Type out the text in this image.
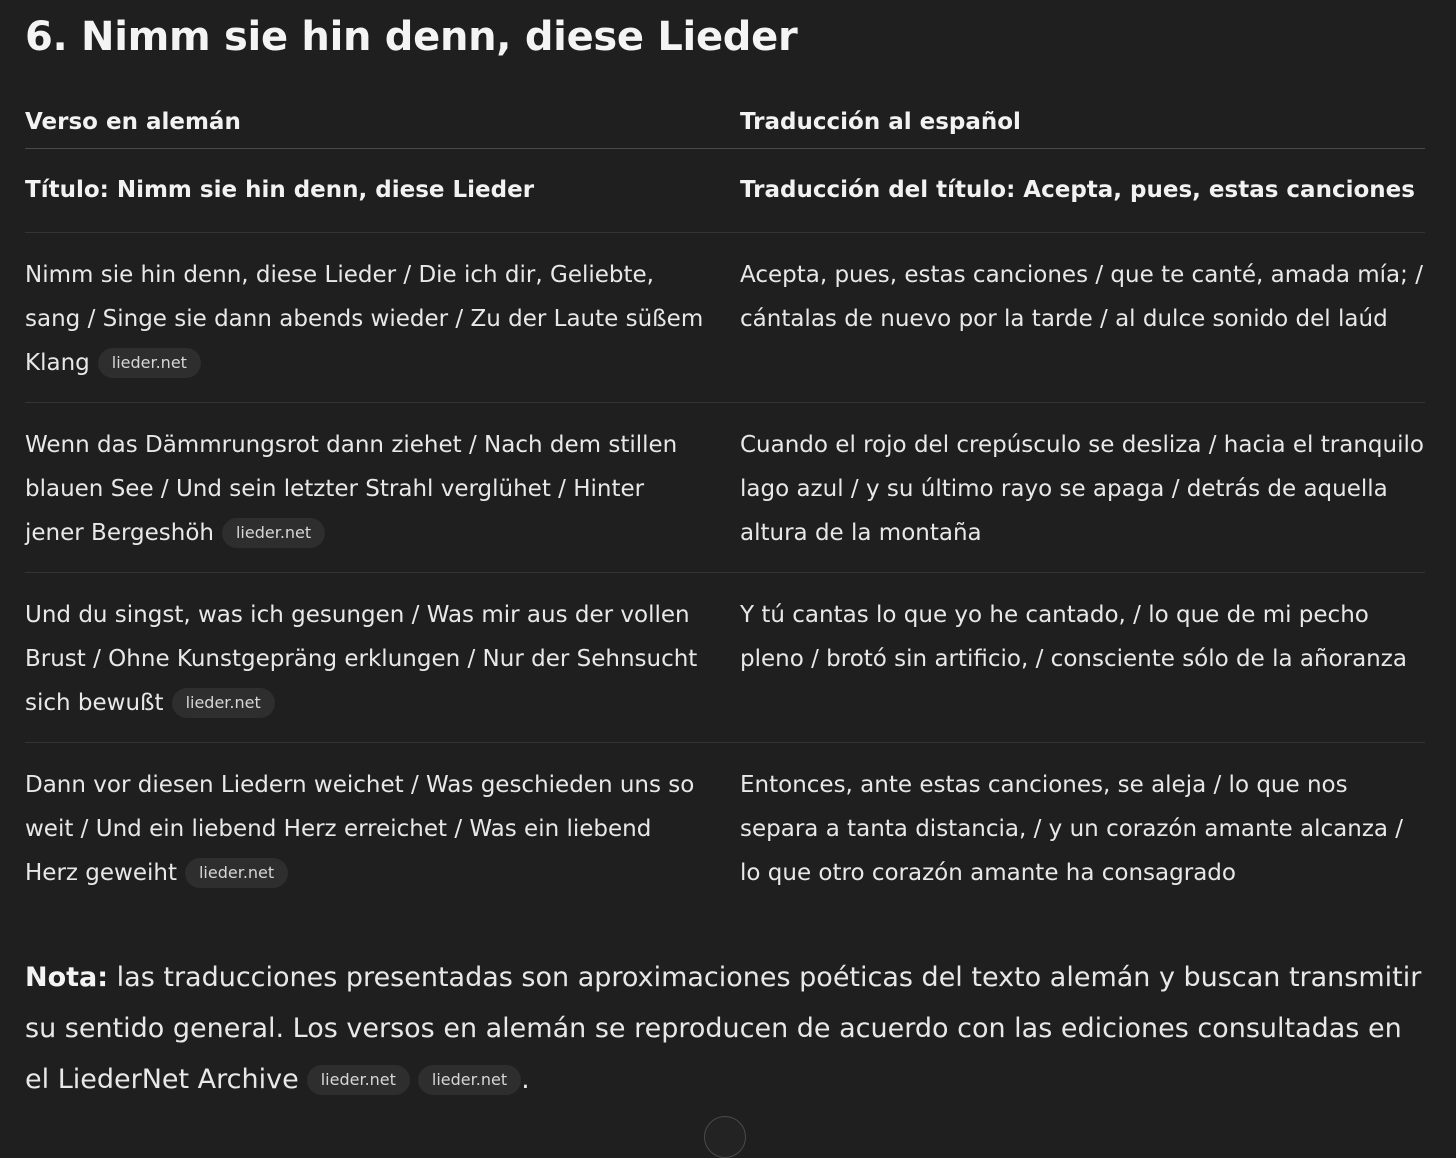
6. Nimm sie hin denn, diese Lieder
Verso en alemán	Traducción al español
Título: Nimm sie hin denn, diese Lieder	Traducción del título: Acepta, pues, estas canciones
Nimm sie hin denn, diese Lieder / Die ich dir, Geliebte, sang / Singe sie dann abends wieder / Zu der Laute süßem Klang lieder.net	Acepta, pues, estas canciones / que te canté, amada mía; / cántalas de nuevo por la tarde / al dulce sonido del laúd
Wenn das Dämmrungsrot dann ziehet / Nach dem stillen blauen See / Und sein letzter Strahl verglühet / Hinter jener Bergeshöh lieder.net	Cuando el rojo del crepúsculo se desliza / hacia el tranquilo lago azul / y su último rayo se apaga / detrás de aquella altura de la montaña
Und du singst, was ich gesungen / Was mir aus der vollen Brust / Ohne Kunstgepräng erklungen / Nur der Sehnsucht sich bewußt lieder.net	Y tú cantas lo que yo he cantado, / lo que de mi pecho pleno / brotó sin artificio, / consciente sólo de la añoranza
Dann vor diesen Liedern weichet / Was geschieden uns so weit / Und ein liebend Herz erreichet / Was ein liebend Herz geweiht lieder.net	Entonces, ante estas canciones, se aleja / lo que nos separa a tanta distancia, / y un corazón amante alcanza / lo que otro corazón amante ha consagrado

Nota: las traducciones presentadas son aproximaciones poéticas del texto alemán y buscan transmitir su sentido general. Los versos en alemán se reproducen de acuerdo con las ediciones consultadas en el LiederNet Archive lieder.net lieder.net .
